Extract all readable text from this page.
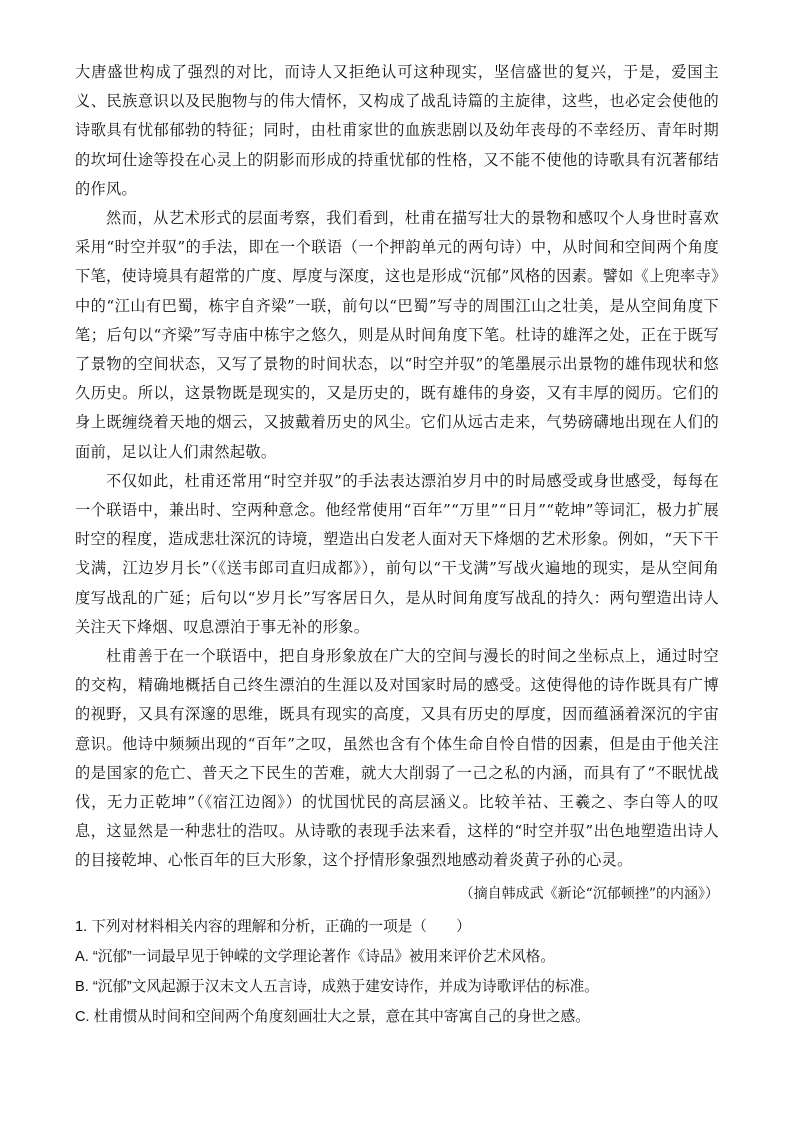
大唐盛世构成了强烈的对比，而诗人又拒绝认可这种现实，坚信盛世的复兴，于是，爱国主义、民族意识以及民胞物与的伟大情怀，又构成了战乱诗篇的主旋律，这些，也必定会使他的诗歌具有忧郁郁勃的特征；同时，由杜甫家世的血族悲剧以及幼年丧母的不幸经历、青年时期的坎坷仕途等投在心灵上的阴影而形成的持重忧郁的性格，又不能不使他的诗歌具有沉著郁结的作风。

然而，从艺术形式的层面考察，我们看到，杜甫在描写壮大的景物和感叹个人身世时喜欢采用“时空并驭”的手法，即在一个联语（一个押韵单元的两句诗）中，从时间和空间两个角度下笔，使诗境具有超常的广度、厚度与深度，这也是形成“沉郁”风格的因素。譬如《上兜率寺》中的“江山有巴蜀，栋宇自齐梁”一联，前句以“巴蜀”写寺的周围江山之壮美，是从空间角度下笔；后句以“齐梁”写寺庙中栋宇之悠久，则是从时间角度下笔。杜诗的雄浑之处，正在于既写了景物的空间状态，又写了景物的时间状态，以“时空并驭”的笔墨展示出景物的雄伟现状和悠久历史。所以，这景物既是现实的，又是历史的，既有雄伟的身姿，又有丰厚的阅历。它们的身上既缠绕着天地的烟云，又披戴着历史的风尘。它们从远古走来，气势磅礴地出现在人们的面前，足以让人们肃然起敬。

不仅如此，杜甫还常用“时空并驭”的手法表达漂泊岁月中的时局感受或身世感受，每每在一个联语中，兼出时、空两种意念。他经常使用“百年”“万里”“日月”“乾坤”等词汇，极力扩展时空的程度，造成悲壮深沉的诗境，塑造出白发老人面对天下烽烟的艺术形象。例如，“天下干戈满，江边岁月长”（《送韦郎司直归成都》），前句以“干戈满”写战火遍地的现实，是从空间角度写战乱的广延；后句以“岁月长”写客居日久，是从时间角度写战乱的持久：两句塑造出诗人关注天下烽烟、叹息漂泊于事无补的形象。

杜甫善于在一个联语中，把自身形象放在广大的空间与漫长的时间之坐标点上，通过时空的交构，精确地概括自己终生漂泊的生涯以及对国家时局的感受。这使得他的诗作既具有广博的视野，又具有深邃的思维，既具有现实的高度，又具有历史的厚度，因而蕴涵着深沉的宇宙意识。他诗中频频出现的“百年”之叹，虽然也含有个体生命自怜自惜的因素，但是由于他关注的是国家的危亡、普天之下民生的苦难，就大大削弱了一己之私的内涵，而具有了“不眠忧战伐，无力正乾坤”（《宿江边阁》）的忧国忧民的高层涵义。比较羊祜、王羲之、李白等人的叹息，这显然是一种悲壮的浩叹。从诗歌的表现手法来看，这样的“时空并驭”出色地塑造出诗人的目接乾坤、心怅百年的巨大形象，这个抒情形象强烈地感动着炎黄子孙的心灵。

（摘自韩成武《新论“沉郁顿挫”的内涵》）

1. 下列对材料相关内容的理解和分析，正确的一项是（　　）

A. “沉郁”一词最早见于钟嵘的文学理论著作《诗品》被用来评价艺术风格。

B. “沉郁”文风起源于汉末文人五言诗，成熟于建安诗作，并成为诗歌评估的标准。

C. 杜甫惯从时间和空间两个角度刻画壮大之景，意在其中寄寓自己的身世之感。
